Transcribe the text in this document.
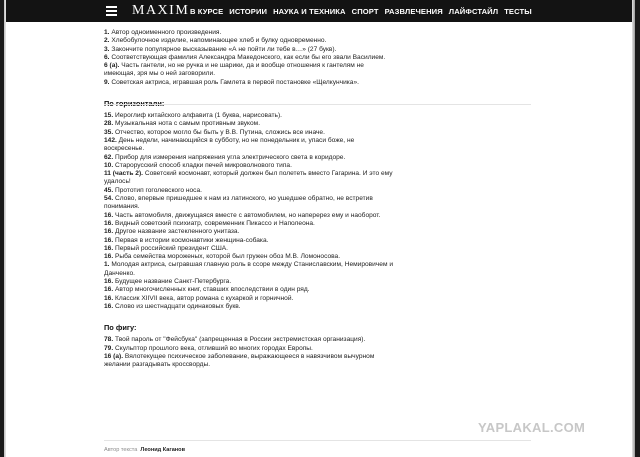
MAXIM В КУРСЕ ИСТОРИИ НАУКА И ТЕХНИКА СПОРТ РАЗВЛЕЧЕНИЯ ЛАЙФСТАЙЛ ТЕСТЫ

1. Автор одноименного произведения.

2. Хлебобулочное изделие, напоминающее хлеб и булку одновременно.

3. Закончите популярное высказывание «А не пойти ли тебе в…» (27 букв).

6. Соответствующая фамилия Александра Македонского, как если бы его звали Василием.

6 (а). Часть гантели, но не ручка и не шарики, да и вообще отношения к гантелям не имеющая, зря мы о ней заговорили.

9. Советская актриса, игравшая роль Гамлета в первой постановке «Щелкунчика».

15. Иероглиф китайского алфавита (1 буква, нарисовать).

28. Музыкальная нота с самым противным звуком.

35. Отчество, которое могло бы быть у В.В. Путина, сложись все иначе.

142. День недели, начинающийся в субботу, но не понедельник и, упаси боже, не воскресенье.

62. Прибор для измерения напряжения угла электрического света в коридоре.

10. Старорусский способ кладки печей микроволнового типа.

11 (часть 2). Советский космонавт, который должен был полететь вместо Гагарина. И это ему удалось!

45. Прототип гоголевского носа.

54. Слово, впервые пришедшее к нам из латинского, но ушедшее обратно, не встретив понимания.

16. Часть автомобиля, движущаяся вместе с автомобилем, но наперерез ему и наоборот.

16. Видный советский психиатр, современник Пикассо и Наполеона.

16. Другое название застекленного унитаза.

16. Первая в истории космонавтики женщина-собака.

16. Первый российский президент США.

16. Рыба семейства мороженых, которой был гружен обоз М.В. Ломоносова.

1. Молодая актриса, сыгравшая главную роль в ссоре между Станиславским, Немировичем и Данченко.

16. Будущее название Санкт-Петербурга.

16. Автор многочисленных книг, ставших впоследствии в один ряд.

16. Классик XIIVII века, автор романа с кухаркой и горничной.

16. Слово из шестнадцати одинаковых букв.

По фигу:

78. Твой пароль от "Фейсбука" (запрещенная в России экстремистская организация).

79. Скульптор прошлого века, отливший во многих городах Европы.

16 (а). Вялотекущее психическое заболевание, выражающееся в навязчивом вычурном желании разгадывать кроссворды.

Автор текста Леонид Каганов
YAPLAKAL.COM
